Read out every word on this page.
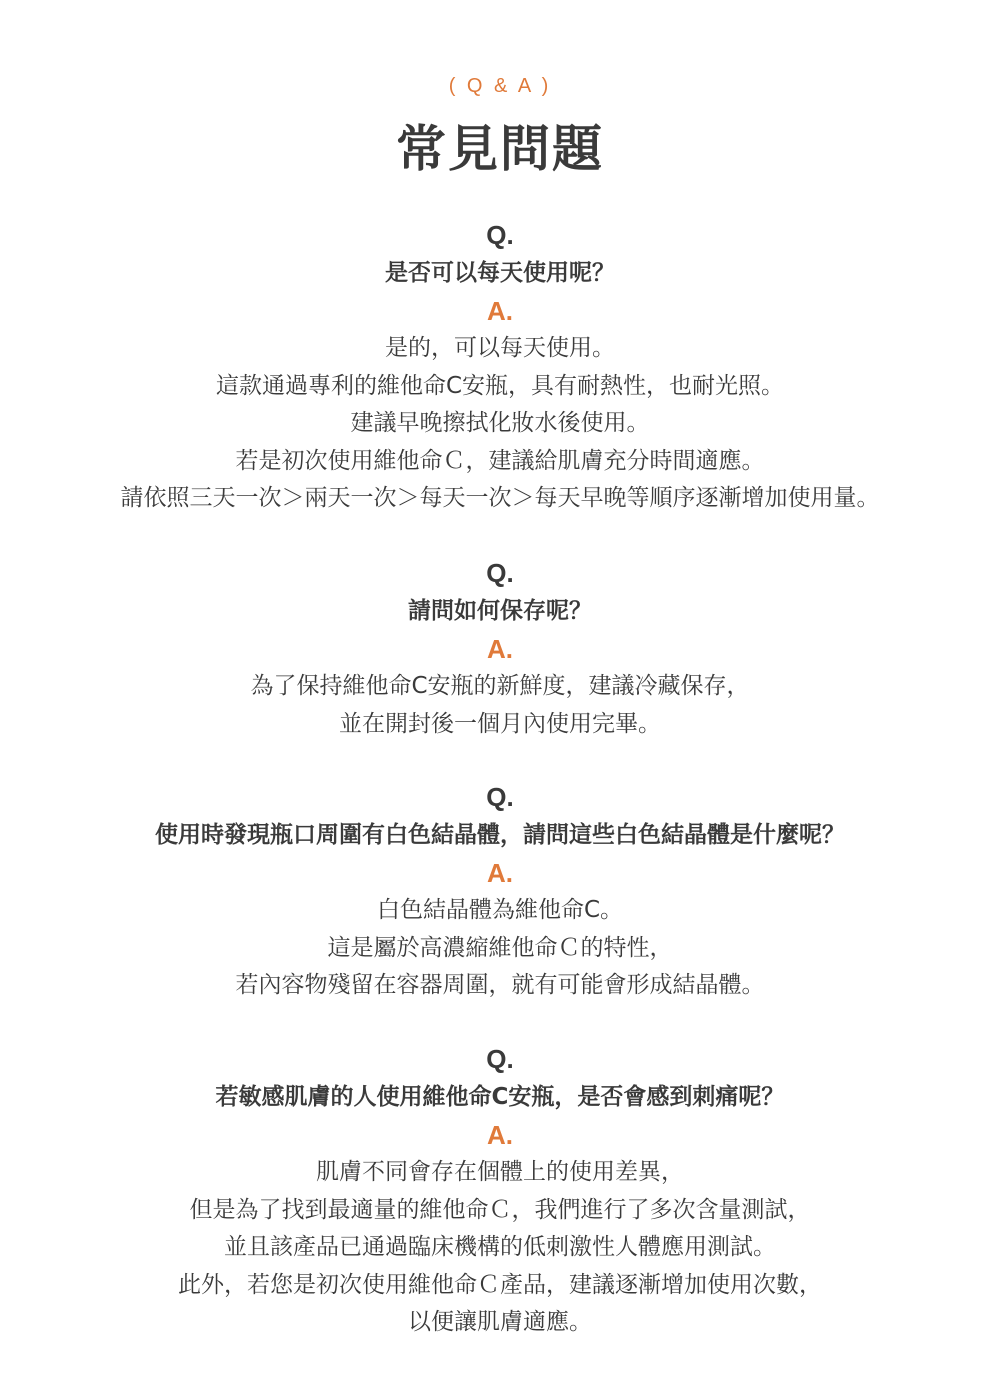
( Q & A )
常見問題
Q.
是否可以每天使用呢？
A.
是的，可以每天使用。
這款通過專利的維他命C安瓶，具有耐熱性，也耐光照。
建議早晚擦拭化妝水後使用。
若是初次使用維他命Ｃ，建議給肌膚充分時間適應。
請依照三天一次＞兩天一次＞每天一次＞每天早晚等順序逐漸增加使用量。
Q.
請問如何保存呢？
A.
為了保持維他命C安瓶的新鮮度，建議冷藏保存，
並在開封後一個月內使用完畢。
Q.
使用時發現瓶口周圍有白色結晶體，請問這些白色結晶體是什麼呢？
A.
白色結晶體為維他命C。
這是屬於高濃縮維他命Ｃ的特性，
若內容物殘留在容器周圍，就有可能會形成結晶體。
Q.
若敏感肌膚的人使用維他命C安瓶，是否會感到刺痛呢？
A.
肌膚不同會存在個體上的使用差異，
但是為了找到最適量的維他命Ｃ，我們進行了多次含量測試，
並且該產品已通過臨床機構的低刺激性人體應用測試。
此外，若您是初次使用維他命Ｃ產品，建議逐漸增加使用次數，
以便讓肌膚適應。
